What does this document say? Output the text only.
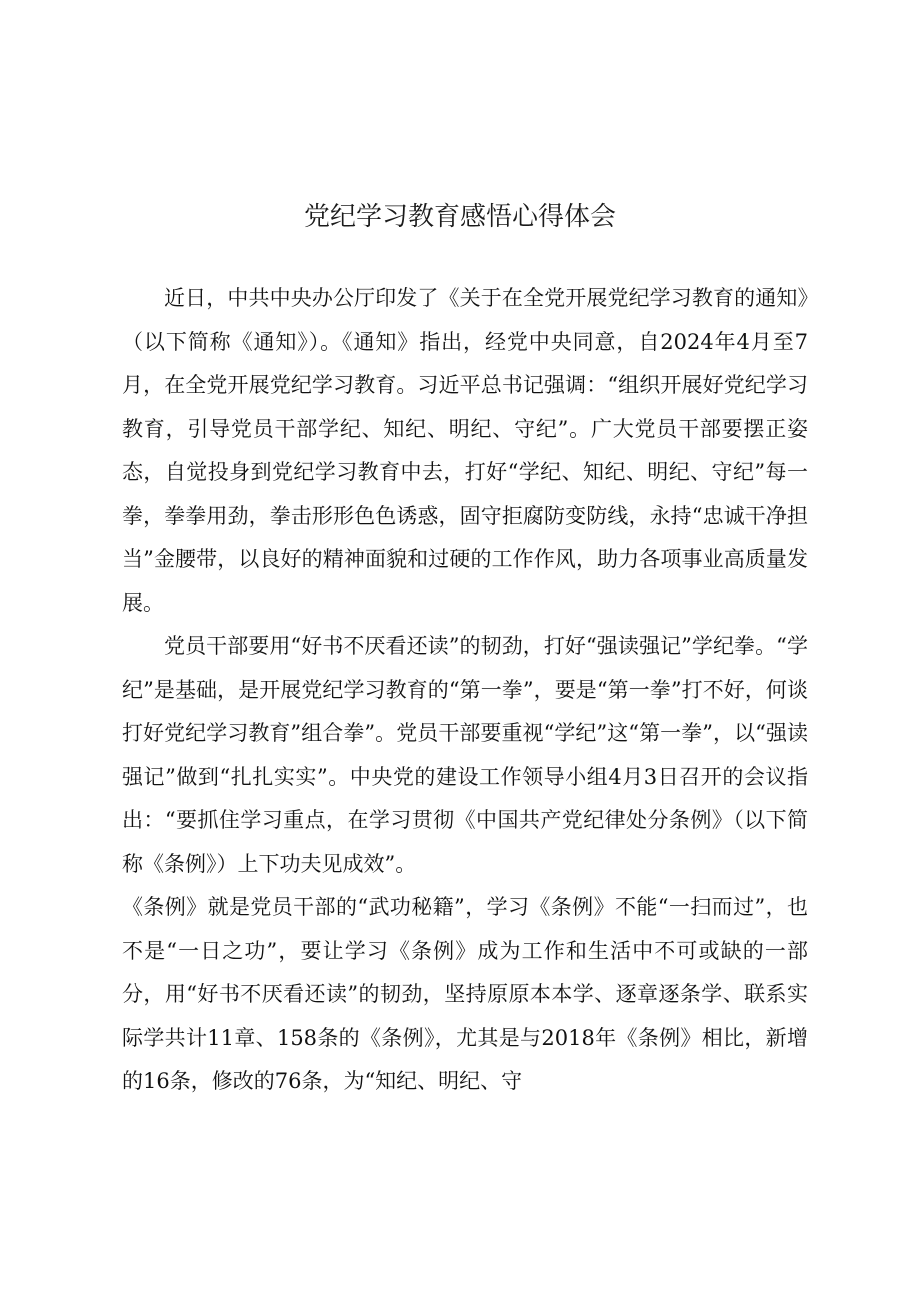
党纪学习教育感悟心得体会

近日，中共中央办公厅印发了《关于在全党开展党纪学习教育的通知》（以下简称《通知》）。《通知》指出，经党中央同意，自2024年4月至7月，在全党开展党纪学习教育。习近平总书记强调：“组织开展好党纪学习教育，引导党员干部学纪、知纪、明纪、守纪”。广大党员干部要摆正姿态，自觉投身到党纪学习教育中去，打好“学纪、知纪、明纪、守纪”每一拳，拳拳用劲，拳击形形色色诱惑，固守拒腐防变防线，永持“忠诚干净担当”金腰带，以良好的精神面貌和过硬的工作作风，助力各项事业高质量发展。

党员干部要用“好书不厌看还读”的韧劲，打好“强读强记”学纪拳。“学纪”是基础，是开展党纪学习教育的“第一拳”，要是“第一拳”打不好，何谈打好党纪学习教育”组合拳”。党员干部要重视“学纪”这“第一拳”，以“强读强记”做到“扎扎实实”。中央党的建设工作领导小组4月3日召开的会议指出：“要抓住学习重点，在学习贯彻《中国共产党纪律处分条例》（以下简称《条例》）上下功夫见成效”。

《条例》就是党员干部的“武功秘籍”，学习《条例》不能“一扫而过”，也不是“一日之功”，要让学习《条例》成为工作和生活中不可或缺的一部分，用“好书不厌看还读”的韧劲，坚持原原本本学、逐章逐条学、联系实际学共计11章、158条的《条例》，尤其是与2018年《条例》相比，新增的16条，修改的76条，为“知纪、明纪、守
